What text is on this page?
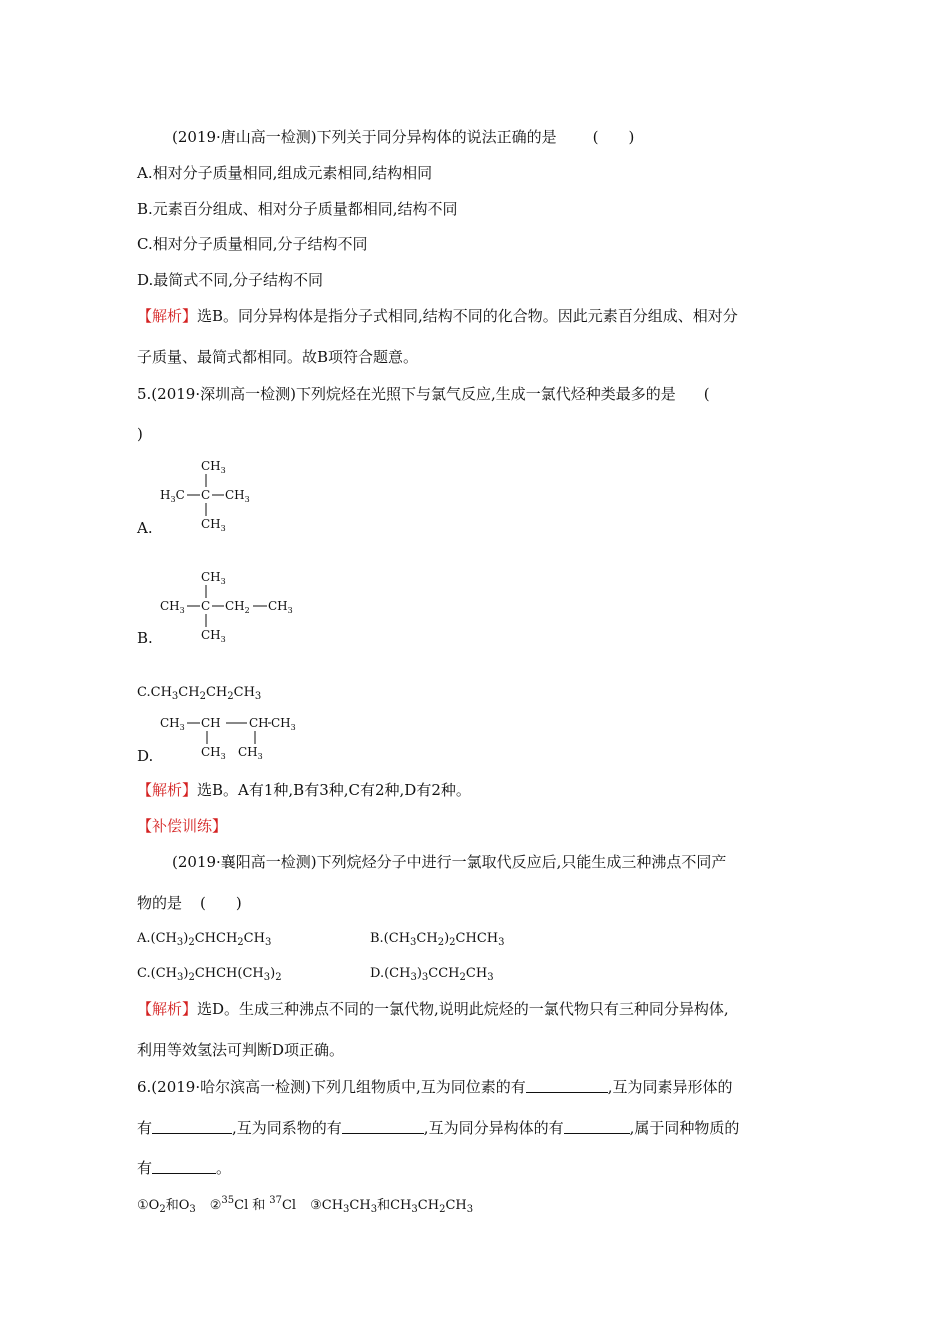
(2019·唐山高一检测)下列关于同分异构体的说法正确的是 (　　)
A.相对分子质量相同,组成元素相同,结构相同
B.元素百分组成、相对分子质量都相同,结构不同
C.相对分子质量相同,分子结构不同
D.最简式不同,分子结构不同
【解析】选B。同分异构体是指分子式相同,结构不同的化合物。因此元素百分组成、相对分
子质量、最简式都相同。故B项符合题意。
5.(2019·深圳高一检测)下列烷烃在光照下与氯气反应,生成一氯代烃种类最多的是 (
)
A.
$CH_3$
$H_3C$ C $CH_3$
$CH_3$
B.
$CH_3$
$CH_3$ C $CH_2$ $CH_3$
$CH_3$
$C.CH_3CH_2CH_2CH_3$
D.
$CH_3$ CH CH $CH_3$
$CH_3$ $CH_3$
【解析】选B。A有1种,B有3种,C有2种,D有2种。
【补偿训练】
(2019·襄阳高一检测)下列烷烃分子中进行一氯取代反应后,只能生成三种沸点不同产
物的是 (　　)
$A.(CH_3)_2CHCH_2CH_3$	$B.(CH_3CH_2)_2CHCH_3$
$C.(CH_3)_2CHCH(CH_3)_2$	$D.(CH_3)_3CCH_2CH_3$
【解析】选D。生成三种沸点不同的一氯代物,说明此烷烃的一氯代物只有三种同分异构体,
利用等效氢法可判断D项正确。
6.(2019·哈尔滨高一检测)下列几组物质中,互为同位素的有	,互为同素异形体的
有	,互为同系物的有	,互为同分异构体的有	,属于同种物质的
有	。
$①O_2$和$O_3$ ②$^{35}$Cl 和 $^{37}$Cl $③CH_3CH_3$和$CH_3CH_2CH_3$
